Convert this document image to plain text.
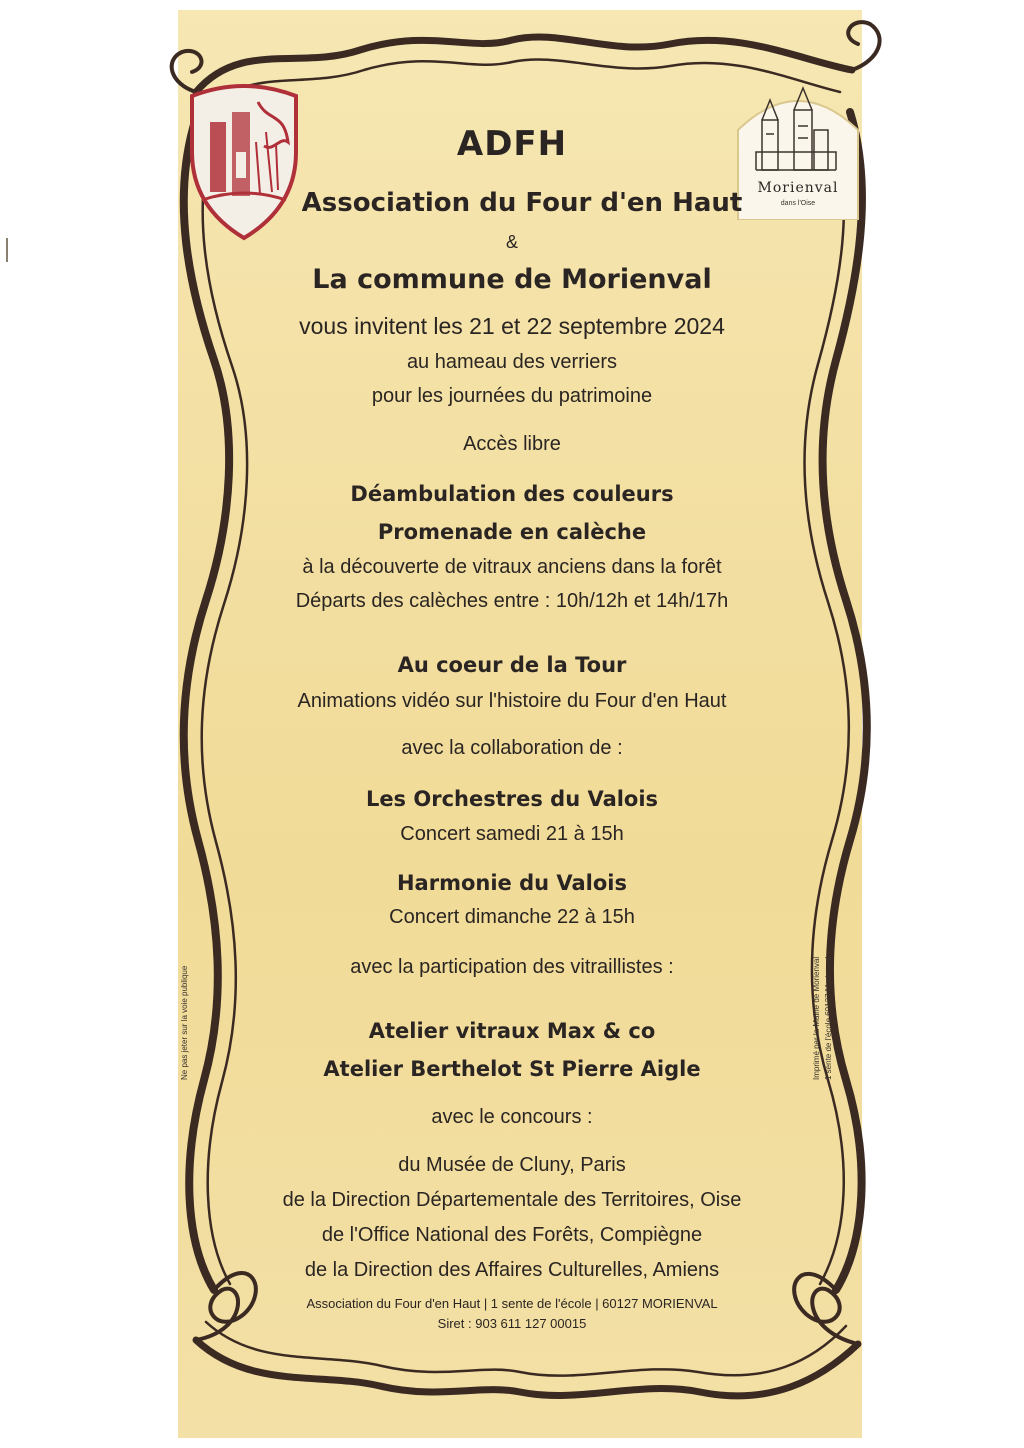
Morienval
dans l'Oise
ADFH
Association du Four d'en Haut
&
La commune de Morienval
vous invitent les 21 et 22 septembre 2024
au hameau des verriers
pour les journées du patrimoine
Accès libre
Déambulation des couleurs
Promenade en calèche
à la découverte de vitraux anciens dans la forêt
Départs des calèches entre : 10h/12h et 14h/17h
Au coeur de la Tour
Animations vidéo sur l'histoire du Four d'en Haut
avec la collaboration de :
Les Orchestres du Valois
Concert samedi 21 à 15h
Harmonie du Valois
Concert dimanche 22 à 15h
avec la participation des vitraillistes :
Atelier vitraux Max & co
Atelier Berthelot St Pierre Aigle
avec le concours :
du Musée de Cluny, Paris
de la Direction Départementale des Territoires, Oise
de l'Office National des Forêts, Compiègne
de la Direction des Affaires Culturelles, Amiens
Association du Four d'en Haut | 1 sente de l'école | 60127 MORIENVAL
Siret : 903 611 127 00015
Ne pas jeter sur la voie publique	Imprimé par la Mairie de Morienval 1 sente de l'école 60127 Morienval -
